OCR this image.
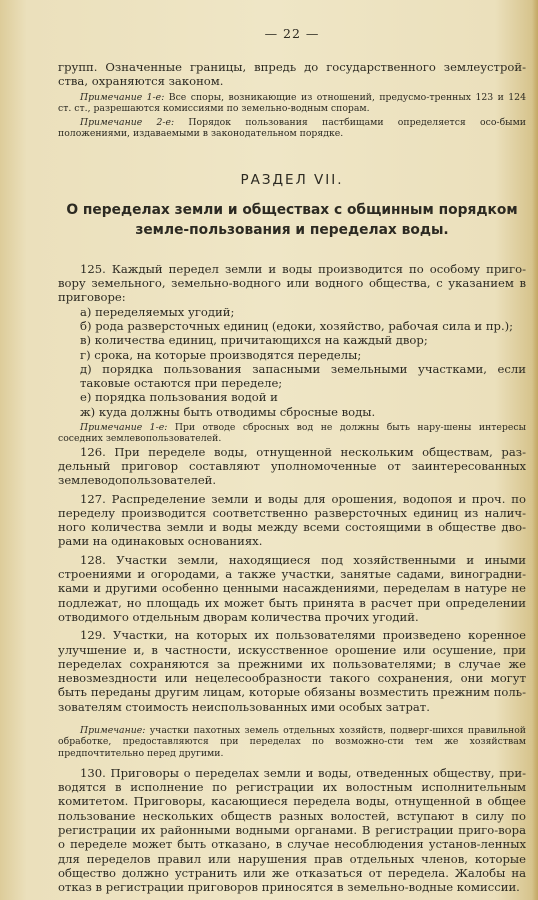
— 22 —

групп. Означенные границы, впредь до государственного землеустрой-ства, охраняются законом.

Примечание 1-е: Все споры, возникающие из отношений, предусмо-тренных 123 и 124 ст. ст., разрешаются комиссиями по земельно-водным спорам.

Примечание 2-е: Порядок пользования пастбищами определяется осо-быми положениями, издаваемыми в законодательном порядке.

РАЗДЕЛ VII.
О переделах земли и обществах с общинным порядком земле-пользования и переделах воды.

125. Каждый передел земли и воды производится по особому приго-вору земельного, земельно-водного или водного общества, с указанием в приговоре:

а) переделяемых угодий;

б) рода разверсточных единиц (едоки, хозяйство, рабочая сила и пр.);

в) количества единиц, причитающихся на каждый двор;

г) срока, на которые производятся переделы;

д) порядка пользования запасными земельными участками, если таковые остаются при переделе;

е) порядка пользования водой и

ж) куда должны быть отводимы сбросные воды.

Примечание 1-е: При отводе сбросных вод не должны быть нару-шены интересы соседних землевопользователей.

126. При переделе воды, отнущенной нескольким обществам, раз-дельный приговор составляют уполномоченные от заинтересованных землеводопользователей.

127. Распределение земли и воды для орошения, водопоя и проч. по переделу производится соответственно разверсточных единиц из налич-ного количества земли и воды между всеми состоящими в обществе дво-рами на одинаковых основаниях.

128. Участки земли, находящиеся под хозяйственными и иными строениями и огородами, а также участки, занятые садами, виноградни-ками и другими особенно ценными насаждениями, переделам в натуре не подлежат, но площадь их может быть принята в расчет при определении отводимого отдельным дворам количества прочих угодий.

129. Участки, на которых их пользователями произведено коренное улучшение и, в частности, искусственное орошение или осушение, при переделах сохраняются за прежними их пользователями; в случае же невозмездности или нецелесообразности такого сохранения, они могут быть переданы другим лицам, которые обязаны возместить прежним поль-зователям стоимость неиспользованных ими особых затрат.

Примечание: участки пахотных земель отдельных хозяйств, подверг-шихся правильной обработке, предоставляются при переделах по возможно-сти тем же хозяйствам предпочтительно перед другими.

130. Приговоры о переделах земли и воды, отведенных обществу, при-водятся в исполнение по регистрации их волостным исполнительным комитетом. Приговоры, касающиеся передела воды, отнущенной в общее пользование нескольких обществ разных волостей, вступают в силу по регистрации их районными водными органами. В регистрации приго-вора о переделе может быть отказано, в случае несоблюдения установ-ленных для переделов правил или нарушения прав отдельных членов, которые общество должно устранить или же отказаться от передела. Жалобы на отказ в регистрации приговоров приносятся в земельно-водные комиссии.
